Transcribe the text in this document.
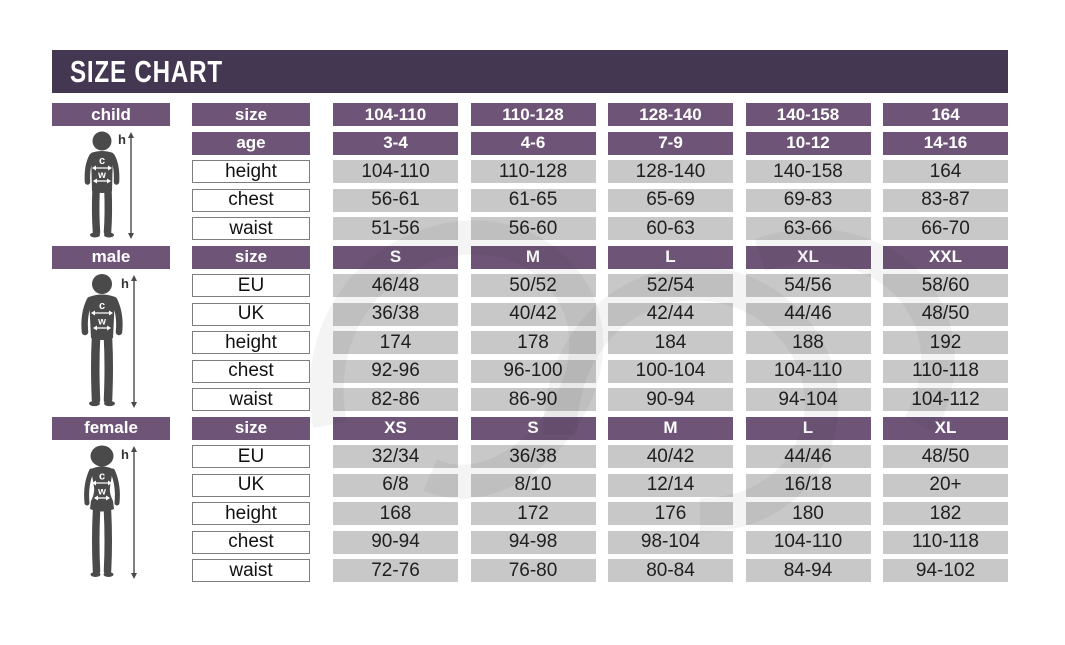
SIZE CHART
child	size	104-110	110-128	128-140	140-158	164
age	3-4	4-6	7-9	10-12	14-16
height	104-110	110-128	128-140	140-158	164
chest	56-61	61-65	65-69	69-83	83-87
waist	51-56	56-60	60-63	63-66	66-70
h
c
w
male	size	S	M	L	XL	XXL
EU	46/48	50/52	52/54	54/56	58/60
UK	36/38	40/42	42/44	44/46	48/50
height	174	178	184	188	192
chest	92-96	96-100	100-104	104-110	110-118
waist	82-86	86-90	90-94	94-104	104-112
h
c
w
female	size	XS	S	M	L	XL
EU	32/34	36/38	40/42	44/46	48/50
UK	6/8	8/10	12/14	16/18	20+
height	168	172	176	180	182
chest	90-94	94-98	98-104	104-110	110-118
waist	72-76	76-80	80-84	84-94	94-102
h
c
w
